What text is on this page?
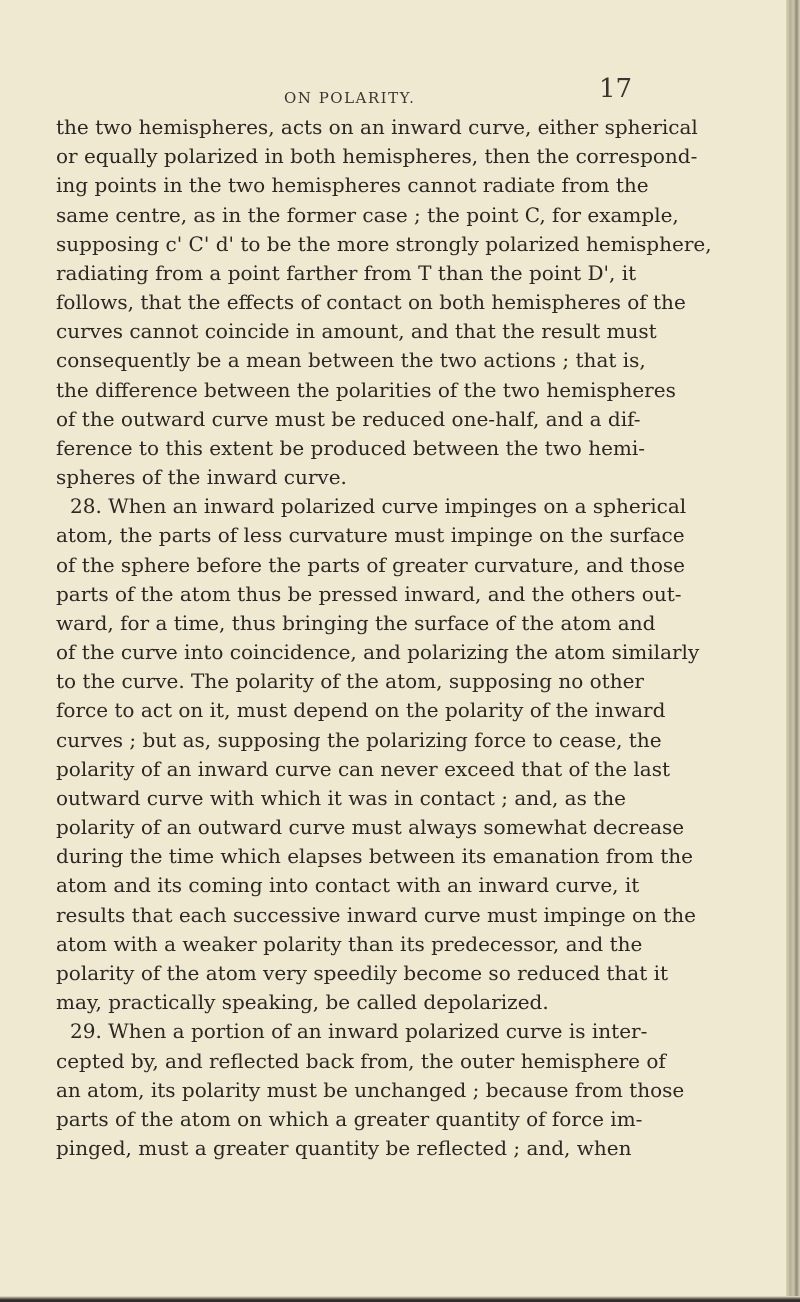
ON POLARITY.	17
the two hemispheres, acts on an inward curve, either spherical
or equally polarized in both hemispheres, then the correspond-
ing points in the two hemispheres cannot radiate from the
same centre, as in the former case ; the point C, for example,
supposing c' C' d' to be the more strongly polarized hemisphere,
radiating from a point farther from T than the point D', it
follows, that the effects of contact on both hemispheres of the
curves cannot coincide in amount, and that the result must
consequently be a mean between the two actions ; that is,
the difference between the polarities of the two hemispheres
of the outward curve must be reduced one-half, and a dif-
ference to this extent be produced between the two hemi-
spheres of the inward curve.
28. When an inward polarized curve impinges on a spherical
atom, the parts of less curvature must impinge on the surface
of the sphere before the parts of greater curvature, and those
parts of the atom thus be pressed inward, and the others out-
ward, for a time, thus bringing the surface of the atom and
of the curve into coincidence, and polarizing the atom similarly
to the curve. The polarity of the atom, supposing no other
force to act on it, must depend on the polarity of the inward
curves ; but as, supposing the polarizing force to cease, the
polarity of an inward curve can never exceed that of the last
outward curve with which it was in contact ; and, as the
polarity of an outward curve must always somewhat decrease
during the time which elapses between its emanation from the
atom and its coming into contact with an inward curve, it
results that each successive inward curve must impinge on the
atom with a weaker polarity than its predecessor, and the
polarity of the atom very speedily become so reduced that it
may, practically speaking, be called depolarized.
29. When a portion of an inward polarized curve is inter-
cepted by, and reflected back from, the outer hemisphere of
an atom, its polarity must be unchanged ; because from those
parts of the atom on which a greater quantity of force im-
pinged, must a greater quantity be reflected ; and, when
